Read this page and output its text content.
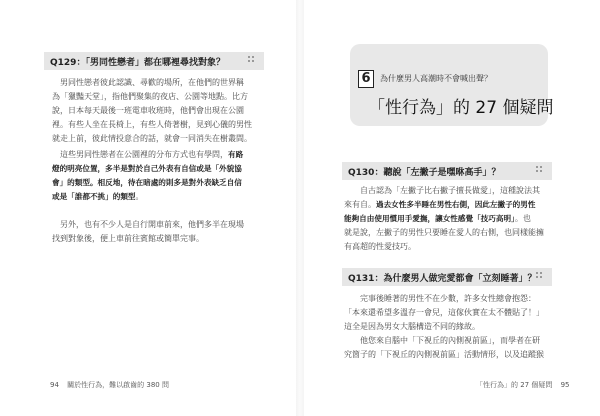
Q129：「男同性戀者」都在哪裡尋找對象？
男同性戀者彼此認識、尋歡的場所，在他們的世界稱
為「獵豔天堂」，指他們聚集的夜店、公園等地點。比方
說，日本每天最後一班電車收班時，他們會出現在公園
裡。有些人坐在長椅上，有些人倚著樹，見到心儀的男性
就走上前，彼此情投意合的話，就會一同消失在樹叢間。
這些男同性戀者在公園裡的分布方式也有學問，有路
燈的明亮位置，多半是對於自己外表有自信或是「外貌協
會」的類型。相反地，待在暗處的則多是對外表缺乏自信
或是「誰都不挑」的類型。
另外，也有不少人是自行開車前來，他們多半在現場
找到對象後，便上車前往賓館或簡單完事。
94 關於性行為，難以啟齒的 380 問
6	為什麼男人高潮時不會喊出聲？
「性行為」的 27 個疑問
Q130：聽說「左撇子是嘿咻高手」？
自古認為「左撇子比右撇子擅長做愛」，這種說法其
來有自。過去女性多半睡在男性右側，因此左撇子的男性
能夠自由使用慣用手愛撫，讓女性感覺「技巧高明」。也
就是說，左撇子的男性只要睡在愛人的右側，也同樣能擁
有高超的性愛技巧。
Q131：為什麼男人做完愛都會「立刻睡著」？
完事後睡著的男性不在少數，許多女性總會抱怨：
「本來還希望多溫存一會兒，這傢伙實在太不體貼了！」
這全是因為男女大腦構造不同的緣故。
他您來自腦中「下視丘的內側視前區」，而學者在研
究箇子的「下視丘的內側視前區」活動情形，以及追蹤猴
「性行為」的 27 個疑問 95
